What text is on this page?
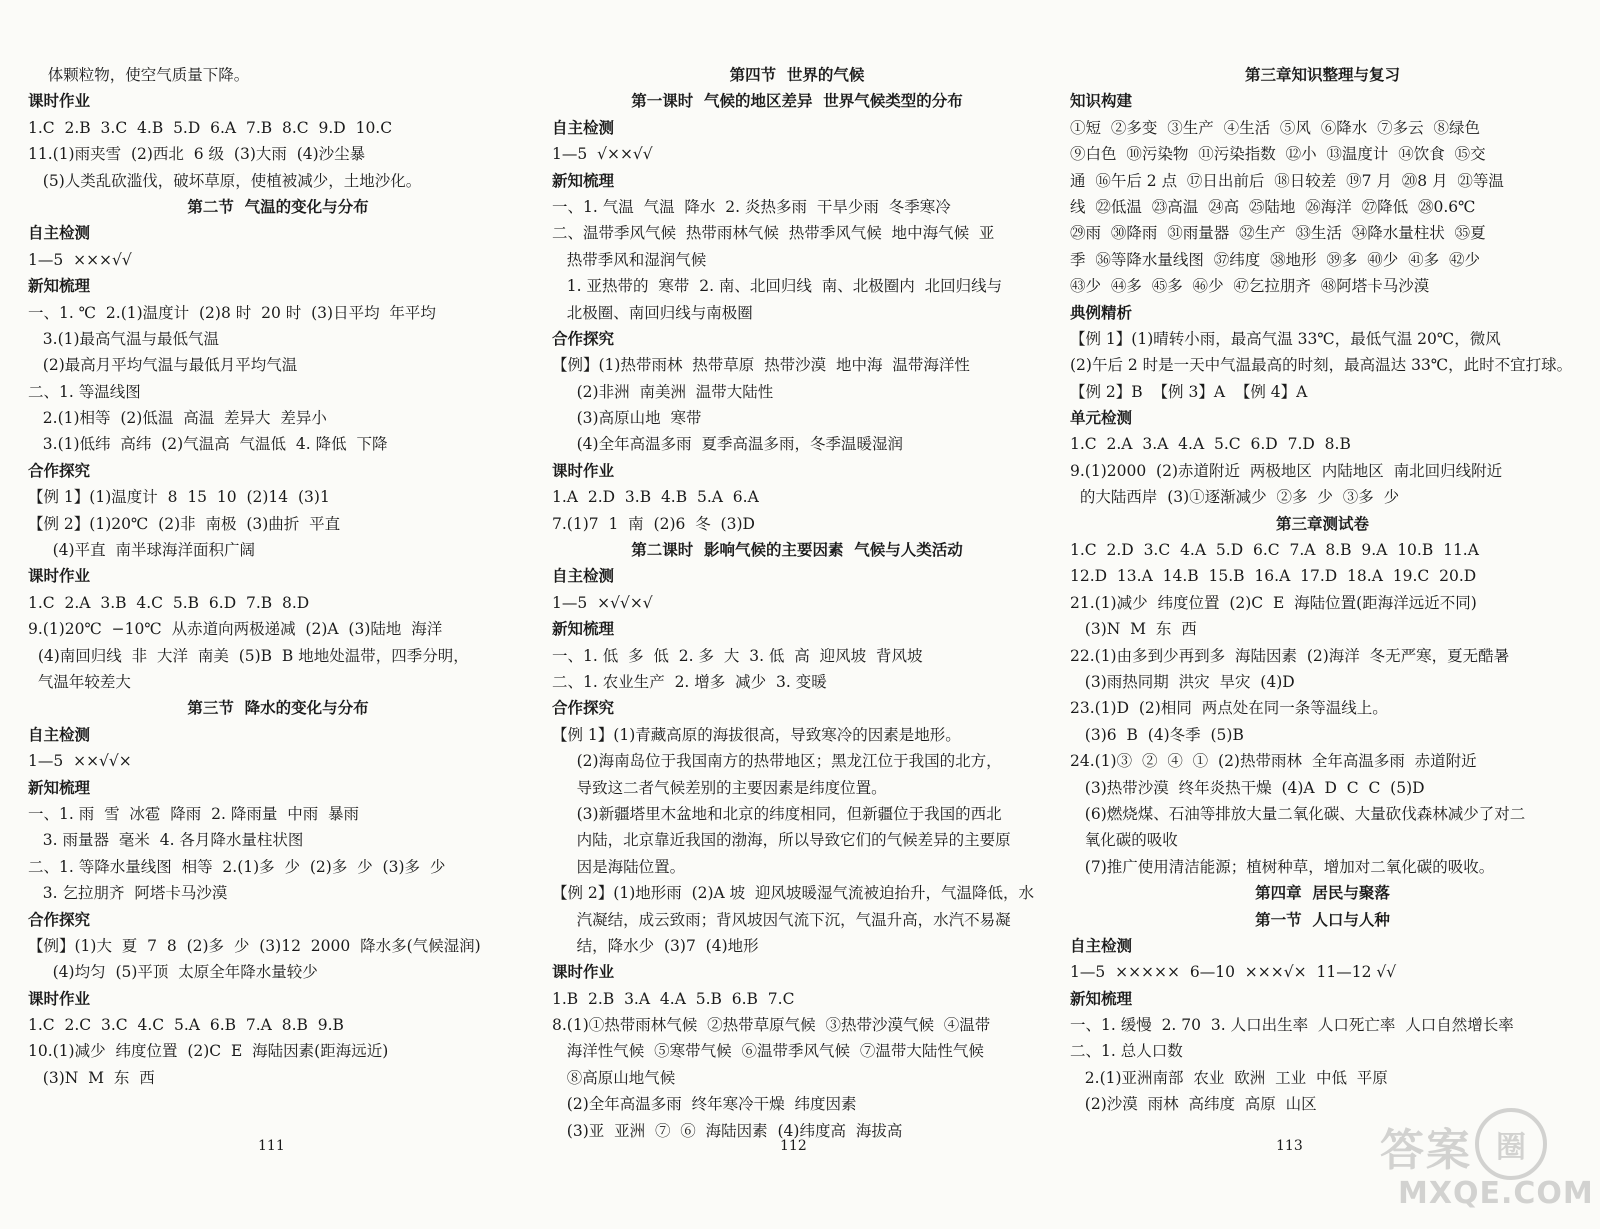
体颗粒物，使空气质量下降。
课时作业
1.C  2.B  3.C  4.B  5.D  6.A  7.B  8.C  9.D  10.C
11.(1)雨夹雪  (2)西北  6 级  (3)大雨  (4)沙尘暴
(5)人类乱砍滥伐，破坏草原，使植被减少，土地沙化。
第二节  气温的变化与分布
自主检测
1—5  ×××√√
新知梳理
一、1. ℃  2.(1)温度计  (2)8 时  20 时  (3)日平均  年平均
3.(1)最高气温与最低气温
(2)最高月平均气温与最低月平均气温
二、1. 等温线图
2.(1)相等  (2)低温  高温  差异大  差异小
3.(1)低纬  高纬  (2)气温高  气温低  4. 降低  下降
合作探究
【例 1】(1)温度计  8  15  10  (2)14  (3)1
【例 2】(1)20℃  (2)非  南极  (3)曲折  平直
(4)平直  南半球海洋面积广阔
课时作业
1.C  2.A  3.B  4.C  5.B  6.D  7.B  8.D
9.(1)20℃  −10℃  从赤道向两极递减  (2)A  (3)陆地  海洋
(4)南回归线  非  大洋  南美  (5)B  B 地地处温带，四季分明，
气温年较差大
第三节  降水的变化与分布
自主检测
1—5  ××√√×
新知梳理
一、1. 雨  雪  冰雹  降雨  2. 降雨量  中雨  暴雨
3. 雨量器  毫米  4. 各月降水量柱状图
二、1. 等降水量线图  相等  2.(1)多  少  (2)多  少  (3)多  少
3. 乞拉朋齐  阿塔卡马沙漠
合作探究
【例】(1)大  夏  7  8  (2)多  少  (3)12  2000  降水多(气候湿润)
(4)均匀  (5)平顶  太原全年降水量较少
课时作业
1.C  2.C  3.C  4.C  5.A  6.B  7.A  8.B  9.B
10.(1)减少  纬度位置  (2)C  E  海陆因素(距海远近)
(3)N  M  东  西
第四节  世界的气候
第一课时  气候的地区差异  世界气候类型的分布
自主检测
1—5  √××√√
新知梳理
一、1. 气温  气温  降水  2. 炎热多雨  干旱少雨  冬季寒冷
二、温带季风气候  热带雨林气候  热带季风气候  地中海气候  亚
热带季风和湿润气候
1. 亚热带的  寒带  2. 南、北回归线  南、北极圈内  北回归线与
北极圈、南回归线与南极圈
合作探究
【例】(1)热带雨林  热带草原  热带沙漠  地中海  温带海洋性
(2)非洲  南美洲  温带大陆性
(3)高原山地  寒带
(4)全年高温多雨  夏季高温多雨，冬季温暖湿润
课时作业
1.A  2.D  3.B  4.B  5.A  6.A
7.(1)7  1  南  (2)6  冬  (3)D
第二课时  影响气候的主要因素  气候与人类活动
自主检测
1—5  ×√√×√
新知梳理
一、1. 低  多  低  2. 多  大  3. 低  高  迎风坡  背风坡
二、1. 农业生产  2. 增多  减少  3. 变暖
合作探究
【例 1】(1)青藏高原的海拔很高，导致寒冷的因素是地形。
(2)海南岛位于我国南方的热带地区；黑龙江位于我国的北方，
导致这二者气候差别的主要因素是纬度位置。
(3)新疆塔里木盆地和北京的纬度相同，但新疆位于我国的西北
内陆，北京靠近我国的渤海，所以导致它们的气候差异的主要原
因是海陆位置。
【例 2】(1)地形雨  (2)A 坡  迎风坡暖湿气流被迫抬升，气温降低，水
汽凝结，成云致雨；背风坡因气流下沉，气温升高，水汽不易凝
结，降水少  (3)7  (4)地形
课时作业
1.B  2.B  3.A  4.A  5.B  6.B  7.C
8.(1)①热带雨林气候  ②热带草原气候  ③热带沙漠气候  ④温带
海洋性气候  ⑤寒带气候  ⑥温带季风气候  ⑦温带大陆性气候
⑧高原山地气候
(2)全年高温多雨  终年寒冷干燥  纬度因素
(3)亚  亚洲  ⑦  ⑥  海陆因素  (4)纬度高  海拔高
第三章知识整理与复习
知识构建
①短  ②多变  ③生产  ④生活  ⑤风  ⑥降水  ⑦多云  ⑧绿色
⑨白色  ⑩污染物  ⑪污染指数  ⑫小  ⑬温度计  ⑭饮食  ⑮交
通  ⑯午后 2 点  ⑰日出前后  ⑱日较差  ⑲7 月  ⑳8 月  ㉑等温
线  ㉒低温  ㉓高温  ㉔高  ㉕陆地  ㉖海洋  ㉗降低  ㉘0.6℃
㉙雨  ㉚降雨  ㉛雨量器  ㉜生产  ㉝生活  ㉞降水量柱状  ㉟夏
季  ㊱等降水量线图  ㊲纬度  ㊳地形  ㊴多  ㊵少  ㊶多  ㊷少
㊸少  ㊹多  ㊺多  ㊻少  ㊼乞拉朋齐  ㊽阿塔卡马沙漠
典例精析
【例 1】(1)晴转小雨，最高气温 33℃，最低气温 20℃，微风
(2)午后 2 时是一天中气温最高的时刻，最高温达 33℃，此时不宜打球。
【例 2】B  【例 3】A  【例 4】A
单元检测
1.C  2.A  3.A  4.A  5.C  6.D  7.D  8.B
9.(1)2000  (2)赤道附近  两极地区  内陆地区  南北回归线附近
的大陆西岸  (3)①逐渐减少  ②多  少  ③多  少
第三章测试卷
1.C  2.D  3.C  4.A  5.D  6.C  7.A  8.B  9.A  10.B  11.A
12.D  13.A  14.B  15.B  16.A  17.D  18.A  19.C  20.D
21.(1)减少  纬度位置  (2)C  E  海陆位置(距海洋远近不同)
(3)N  M  东  西
22.(1)由多到少再到多  海陆因素  (2)海洋  冬无严寒，夏无酷暑
(3)雨热同期  洪灾  旱灾  (4)D
23.(1)D  (2)相同  两点处在同一条等温线上。
(3)6  B  (4)冬季  (5)B
24.(1)③  ②  ④  ①  (2)热带雨林  全年高温多雨  赤道附近
(3)热带沙漠  终年炎热干燥  (4)A  D  C  C  (5)D
(6)燃烧煤、石油等排放大量二氧化碳、大量砍伐森林减少了对二
氧化碳的吸收
(7)推广使用清洁能源；植树种草，增加对二氧化碳的吸收。
第四章  居民与聚落
第一节  人口与人种
自主检测
1—5  ×××××  6—10  ×××√×  11—12 √√
新知梳理
一、1. 缓慢  2. 70  3. 人口出生率  人口死亡率  人口自然增长率
二、1. 总人口数
2.(1)亚洲南部  农业  欧洲  工业  中低  平原
(2)沙漠  雨林  高纬度  高原  山区
111	112	113 答案 圈
MXQE.COM
